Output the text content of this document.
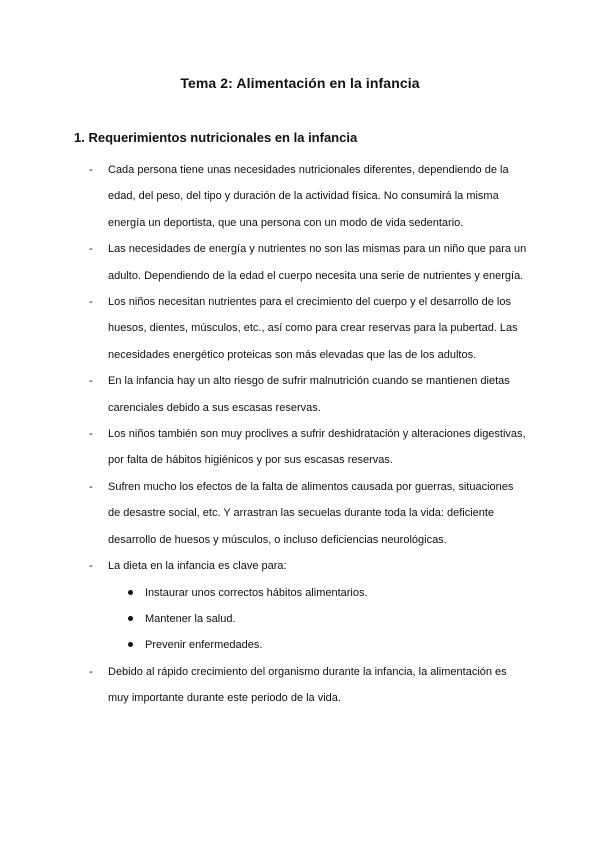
Tema 2: Alimentación en la infancia
1. Requerimientos nutricionales en la infancia
-	Cada persona tiene unas necesidades nutricionales diferentes, dependiendo de la edad, del peso, del tipo y duración de la actividad física. No consumirá la misma energía un deportista, que una persona con un modo de vida sedentario.
-	Las necesidades de energía y nutrientes no son las mismas para un niño que para un adulto. Dependiendo de la edad el cuerpo necesita una serie de nutrientes y energía.
-	Los niños necesitan nutrientes para el crecimiento del cuerpo y el desarrollo de los huesos, dientes, músculos, etc., así como para crear reservas para la pubertad. Las necesidades energético proteicas son más elevadas que las de los adultos.
-	En la infancia hay un alto riesgo de sufrir malnutrición cuando se mantienen dietas carenciales debido a sus escasas reservas.
-	Los niños también son muy proclives a sufrir deshidratación y alteraciones digestivas, por falta de hábitos higiénicos y por sus escasas reservas.
-	Sufren mucho los efectos de la falta de alimentos causada por guerras, situaciones de desastre social, etc. Y arrastran las secuelas durante toda la vida: deficiente desarrollo de huesos y músculos, o incluso deficiencias neurológicas.
-	La dieta en la infancia es clave para:
Instaurar unos correctos hábitos alimentarios.
Mantener la salud.
Prevenir enfermedades.
-	Debido al rápido crecimiento del organismo durante la infancia, la alimentación es muy importante durante este periodo de la vida.
